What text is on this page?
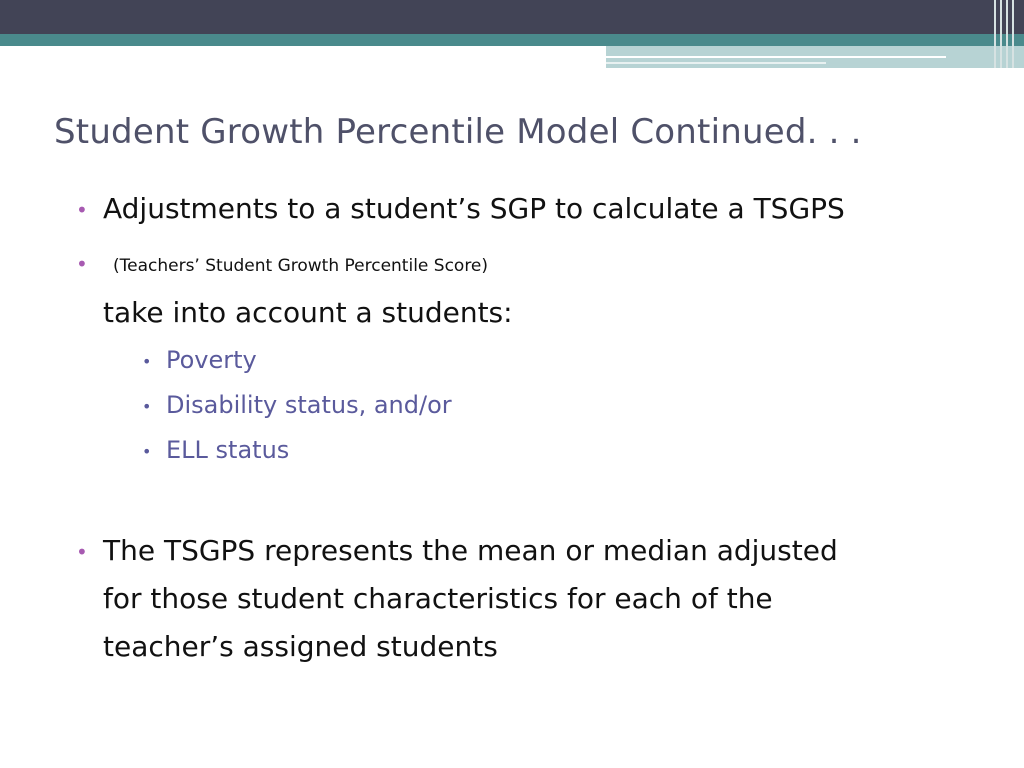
Student Growth Percentile Model Continued. . .
• Adjustments to a student’s SGP to calculate a TSGPS
• (Teachers’ Student Growth Percentile Score)
take into account a students:
• Poverty
• Disability status, and/or
• ELL status
• The TSGPS represents the mean or median adjusted
for those student characteristics for each of the
teacher’s assigned students
